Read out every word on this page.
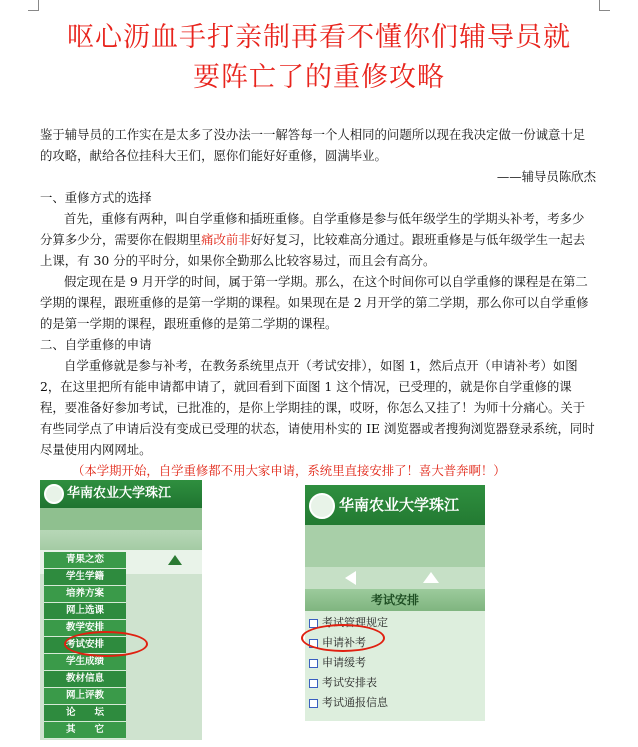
呕心沥血手打亲制再看不懂你们辅导员就
要阵亡了的重修攻略

鉴于辅导员的工作实在是太多了没办法一一解答每一个人相同的问题所以现在我决定做一份诚意十足的攻略，献给各位挂科大王们，愿你们能好好重修，圆满毕业。

——辅导员陈欣杰

一、重修方式的选择

首先，重修有两种，叫自学重修和插班重修。自学重修是参与低年级学生的学期头补考，考多少分算多少分，需要你在假期里痛改前非好好复习，比较难高分通过。跟班重修是与低年级学生一起去上课，有 30 分的平时分，如果你全勤那么比较容易过，而且会有高分。

假定现在是 9 月开学的时间，属于第一学期。那么，在这个时间你可以自学重修的课程是在第二学期的课程，跟班重修的是第一学期的课程。如果现在是 2 月开学的第二学期，那么你可以自学重修的是第一学期的课程，跟班重修的是第二学期的课程。

二、自学重修的申请

自学重修就是参与补考，在教务系统里点开（考试安排），如图 1，然后点开（申请补考）如图 2，在这里把所有能申请都申请了，就回看到下面图 1 这个情况，已受理的，就是你自学重修的课程，要准备好参加考试，已批准的，是你上学期挂的课，哎呀，你怎么又挂了！为师十分痛心。关于有些同学点了申请后没有变成已受理的状态，请使用朴实的 IE 浏览器或者搜狗浏览器登录系统，同时尽量使用内网网址。

（本学期开始，自学重修都不用大家申请，系统里直接安排了！喜大普奔啊！）

华南农业大学珠江
青果之恋
学生学籍
培养方案
网上选课
教学安排
考试安排
学生成绩
教材信息
网上评教
论　　坛
其　　它
华南农业大学珠江
考试安排
考试管理规定
申请补考
申请缓考
考试安排表
考试通报信息
